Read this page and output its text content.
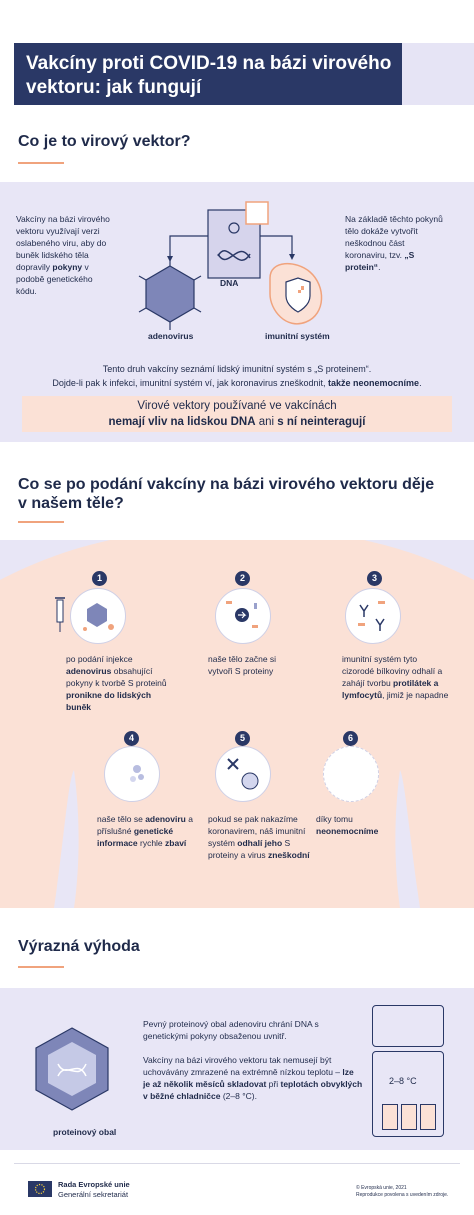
Vakcíny proti COVID-19 na bázi virového vektoru: jak fungují
Co je to virový vektor?
Vakcíny na bázi virového vektoru využívají verzi oslabeného viru, aby do buněk lidského těla dopravily pokyny v podobě genetického kódu.
Na základě těchto pokynů tělo dokáže vytvořit neškodnou část koronaviru, tzv. „S protein“.
DNA
adenovirus	imunitní systém
Tento druh vakcíny seznámí lidský imunitní systém s „S proteinem“.
Dojde-li pak k infekci, imunitní systém ví, jak koronavirus zneškodnit, takže neonemocníme.
Virové vektory používané ve vakcínách
nemají vliv na lidskou DNA ani s ní neinteragují
Co se po podání vakcíny na bázi virového vektoru děje
v našem těle?
1	2	3
po podání injekce
adenovirus obsahující pokyny k tvorbě S proteinů pronikne do lidských buněk
naše tělo začne si vytvoři S proteiny
imunitní systém tyto cizorodé bílkoviny odhalí a zahájí tvorbu protilátek a lymfocytů, jimiž je napadne
4	5	6
naše tělo se adenoviru a příslušné genetické informace rychle zbaví
pokud se pak nakazíme koronavirem, náš imunitní systém odhalí jeho S proteiny a virus zneškodní
díky tomu neonemocníme
Výrazná výhoda
proteinový obal
Pevný proteinový obal adenoviru chrání DNA s genetickými pokyny obsaženou uvnitř.
Vakcíny na bázi virového vektoru tak nemusejí být uchovávány zmrazené na extrémně nízkou teplotu – lze je až několik měsíců skladovat při teplotách obvyklých v běžné chladničce (2–8 °C).
2–8 °C
Rada Evropské unie
Generální sekretariát
© Evropská unie, 2021
Reprodukce povolena s uvedením zdroje.
